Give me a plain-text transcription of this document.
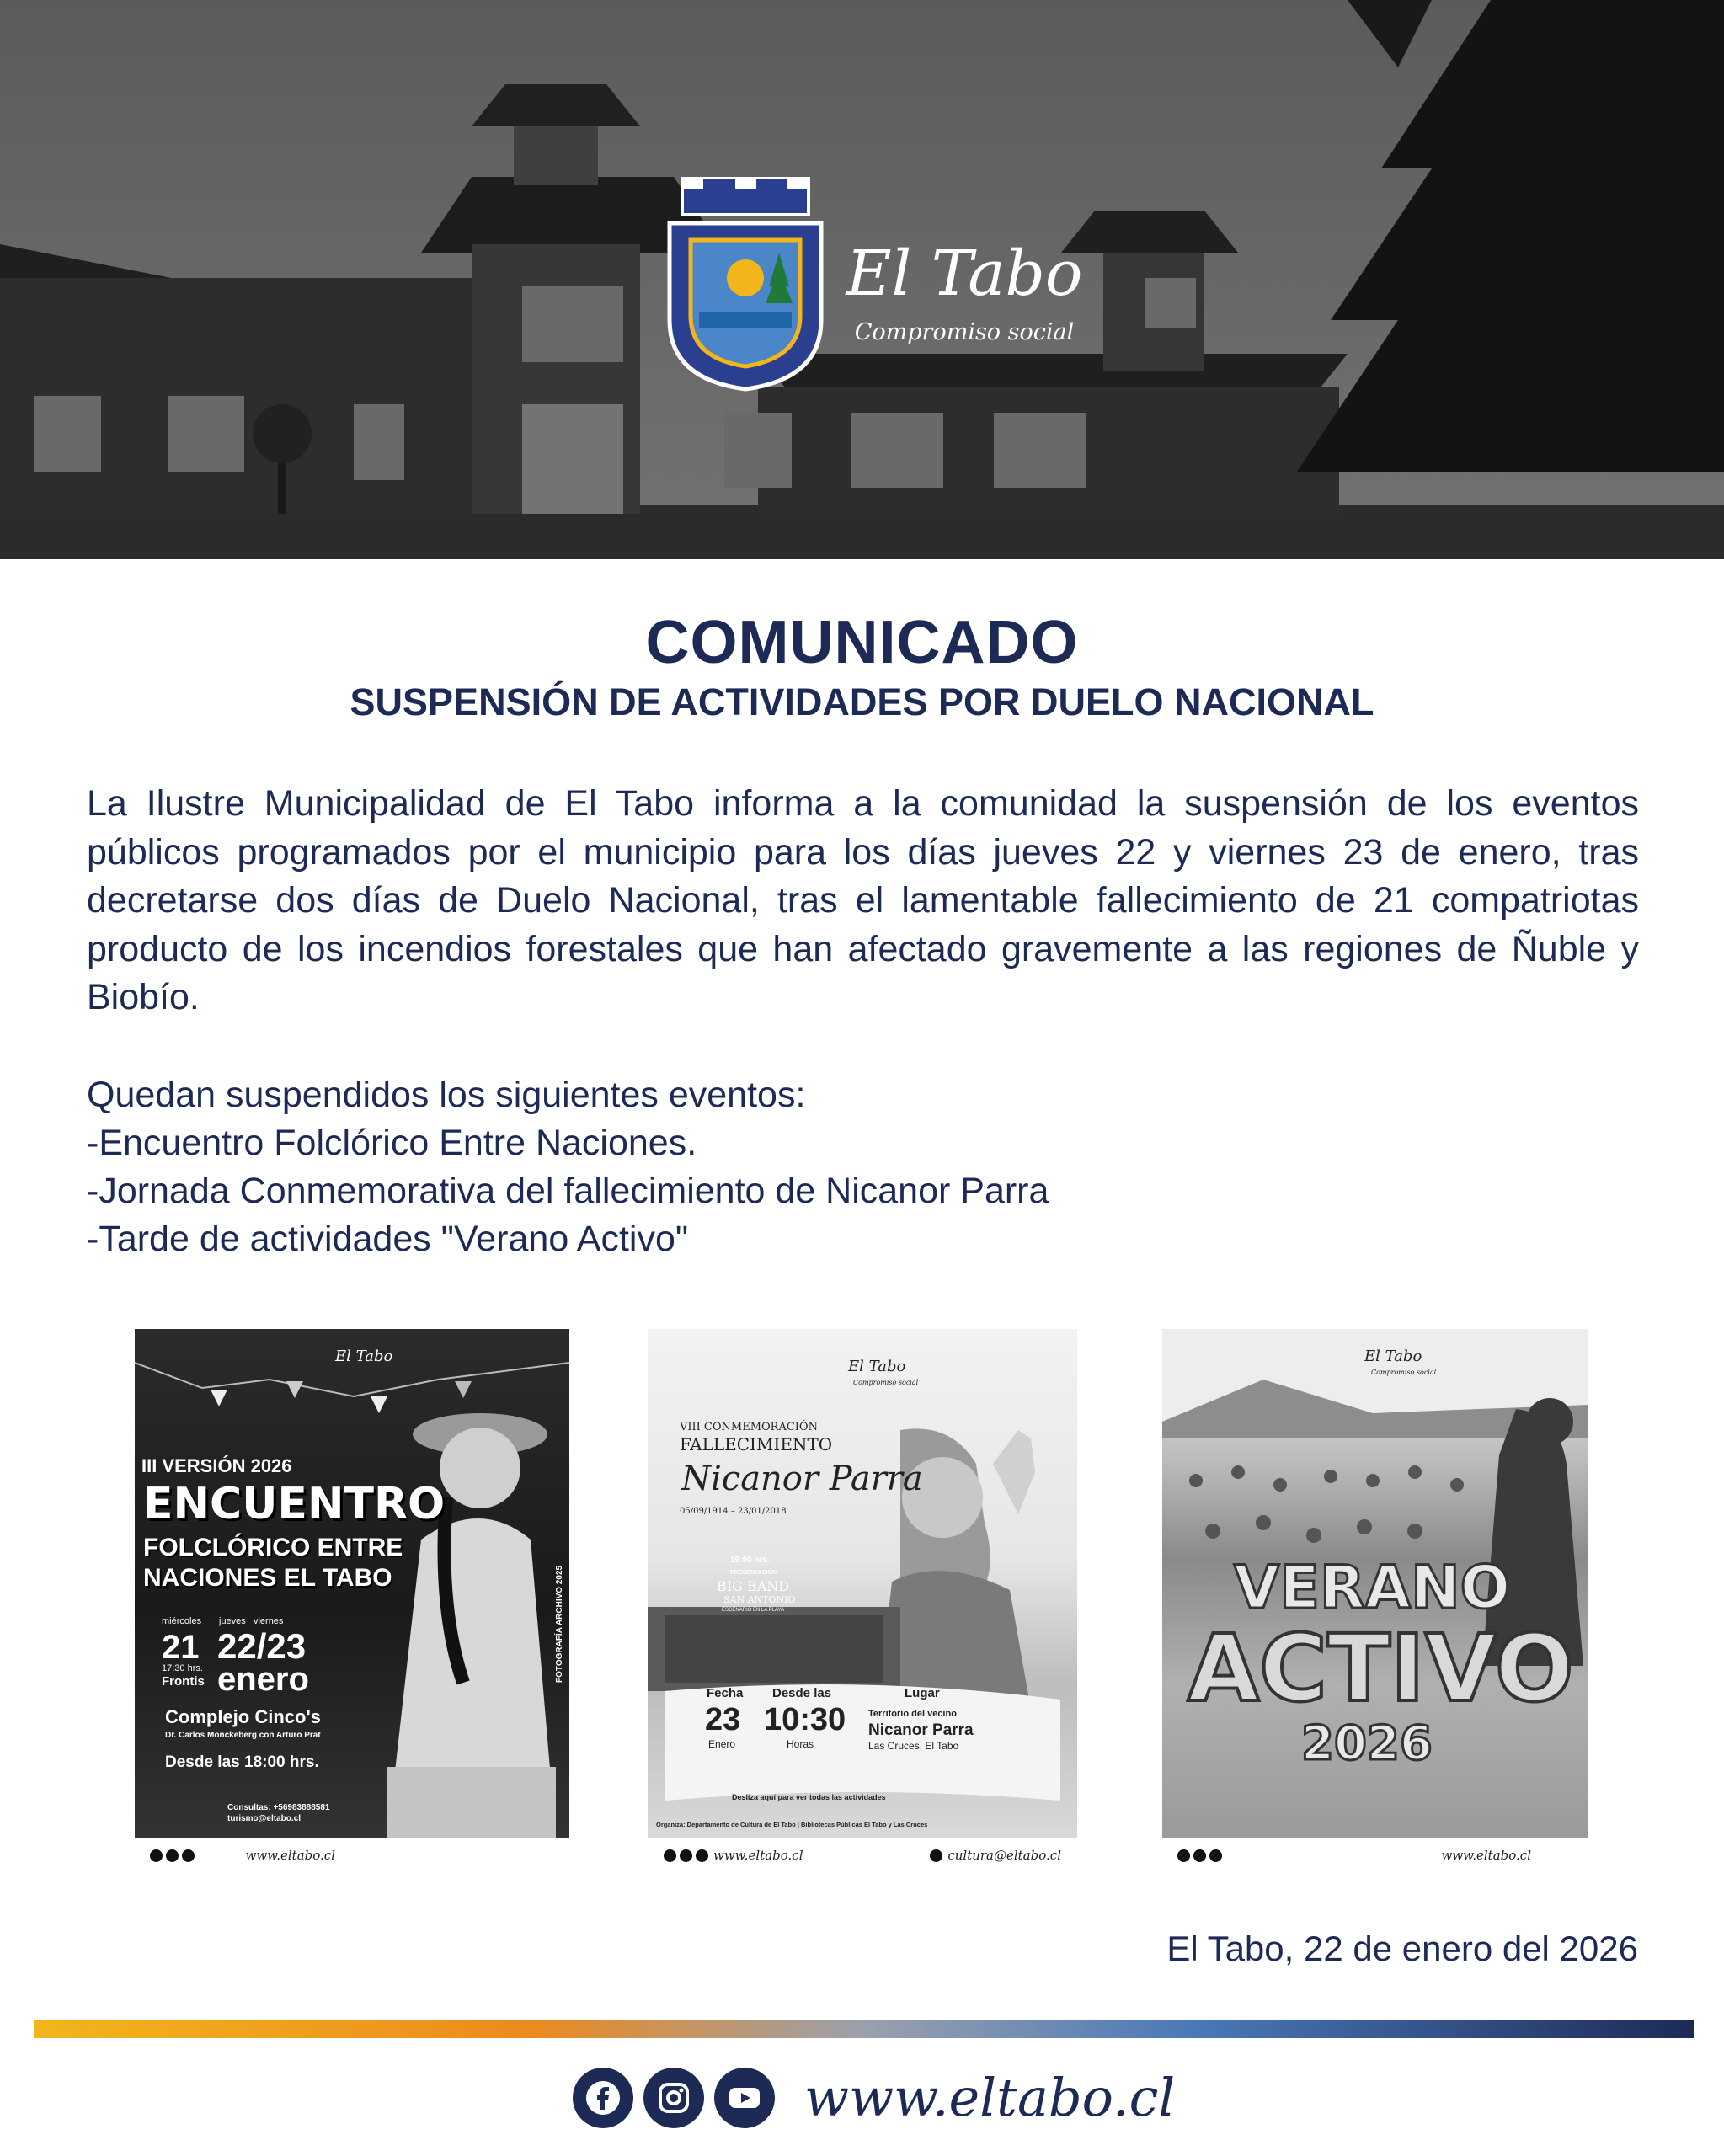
El Tabo
Compromiso social
COMUNICADO
SUSPENSIÓN DE ACTIVIDADES POR DUELO NACIONAL
La Ilustre Municipalidad de El Tabo informa a la comunidad la suspensión de los eventos públicos programados por el municipio para los días jueves 22 y viernes 23 de enero, tras decretarse dos días de Duelo Nacional, tras el lamentable fallecimiento de 21 compatriotas producto de los incendios forestales que han afectado gravemente a las regiones de Ñuble y Biobío.
Quedan suspendidos los siguientes eventos:
-Encuentro Folclórico Entre Naciones.
-Jornada Conmemorativa del fallecimiento de Nicanor Parra
-Tarde de actividades "Verano Activo"
El Tabo
III VERSIÓN 2026
ENCUENTRO
FOLCLÓRICO ENTRE
NACIONES EL TABO
miércoles
21
17:30 hrs.
Frontis
jueves   viernes
22/23
enero
Complejo Cinco's
Dr. Carlos Monckeberg con Arturo Prat
Desde las 18:00 hrs.
Consultas: +56983888581
turismo@eltabo.cl
FOTOGRAFÍA ARCHIVO 2025
www.eltabo.cl
El Tabo
Compromiso social
VIII CONMEMORACIÓN
FALLECIMIENTO
Nicanor Parra
05/09/1914 – 23/01/2018
19:00 hrs.
PRESENTACIÓN
BIG BAND
SAN ANTONIO
ESCENARIO EN LA PLAYA
Fecha
23
Enero
Desde las
10:30
Horas
Lugar
Territorio del vecino
Nicanor Parra
Las Cruces, El Tabo
Desliza aquí para ver todas las actividades
Organiza: Departamento de Cultura de El Tabo | Bibliotecas Públicas El Tabo y Las Cruces
www.eltabo.cl	cultura@eltabo.cl
El Tabo
Compromiso social
VERANO
ACTIVO
2026
www.eltabo.cl
El Tabo, 22 de enero del 2026
www.eltabo.cl
